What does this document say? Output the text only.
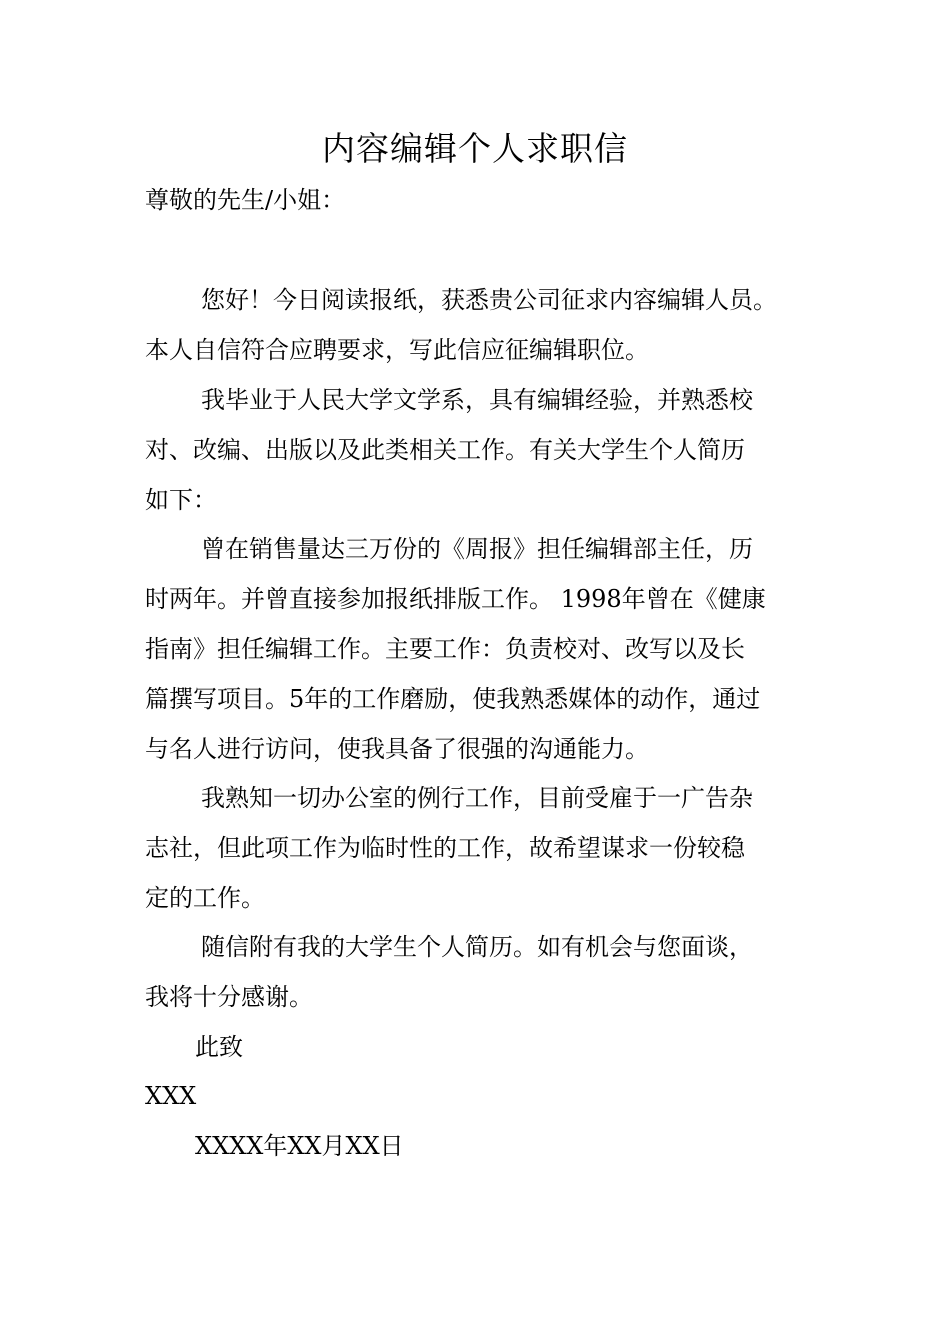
内容编辑个人求职信
尊敬的先生/小姐：
您好！今日阅读报纸，获悉贵公司征求内容编辑人员。
本人自信符合应聘要求，写此信应征编辑职位。
我毕业于人民大学文学系，具有编辑经验，并熟悉校
对、改编、出版以及此类相关工作。有关大学生个人简历
如下：
曾在销售量达三万份的《周报》担任编辑部主任，历
时两年。并曾直接参加报纸排版工作。 1998年曾在《健康
指南》担任编辑工作。主要工作：负责校对、改写以及长
篇撰写项目。5年的工作磨励，使我熟悉媒体的动作，通过
与名人进行访问，使我具备了很强的沟通能力。
我熟知一切办公室的例行工作，目前受雇于一广告杂
志社，但此项工作为临时性的工作，故希望谋求一份较稳
定的工作。
随信附有我的大学生个人简历。如有机会与您面谈，
我将十分感谢。
此致
XXX
XXXX年XX月XX日
